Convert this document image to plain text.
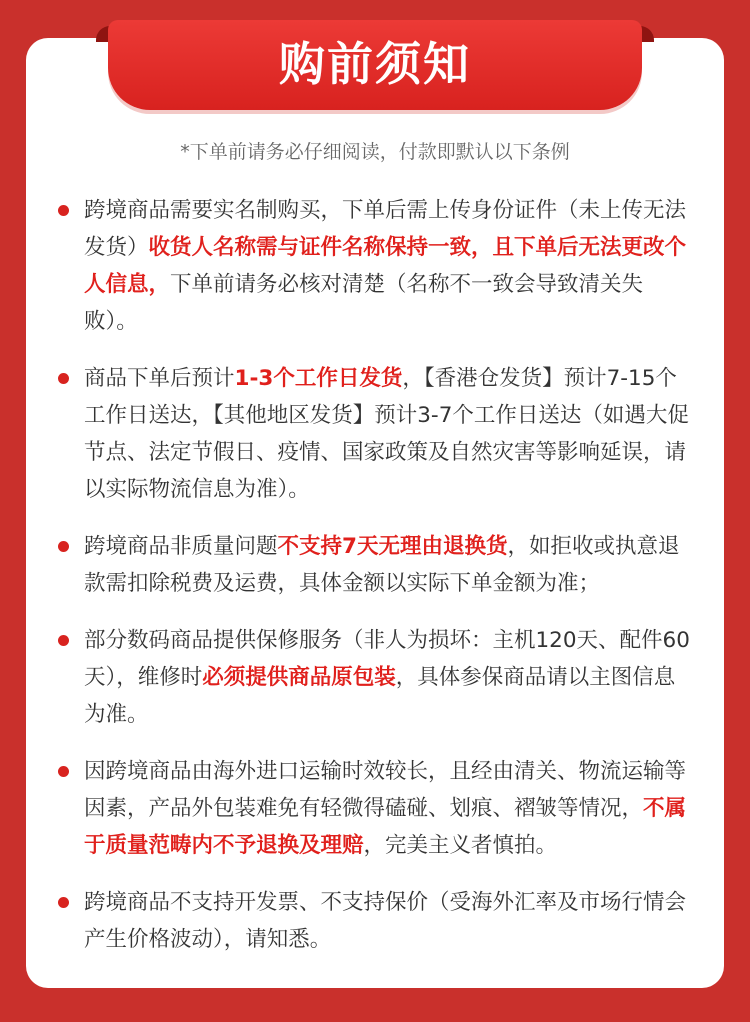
购前须知
*下单前请务必仔细阅读，付款即默认以下条例
跨境商品需要实名制购买，下单后需上传身份证件（未上传无法发货）收货人名称需与证件名称保持一致，且下单后无法更改个人信息，下单前请务必核对清楚（名称不一致会导致清关失败）。
商品下单后预计1-3个工作日发货，【香港仓发货】预计7-15个工作日送达，【其他地区发货】预计3-7个工作日送达（如遇大促节点、法定节假日、疫情、国家政策及自然灾害等影响延误，请以实际物流信息为准）。
跨境商品非质量问题不支持7天无理由退换货，如拒收或执意退款需扣除税费及运费，具体金额以实际下单金额为准；
部分数码商品提供保修服务（非人为损坏：主机120天、配件60天），维修时必须提供商品原包装，具体参保商品请以主图信息为准。
因跨境商品由海外进口运输时效较长，且经由清关、物流运输等因素，产品外包装难免有轻微得磕碰、划痕、褶皱等情况，不属于质量范畴内不予退换及理赔，完美主义者慎拍。
跨境商品不支持开发票、不支持保价（受海外汇率及市场行情会产生价格波动），请知悉。
